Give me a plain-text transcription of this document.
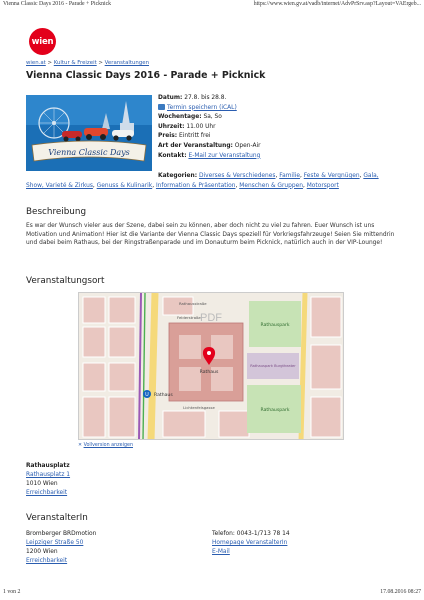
Vienna Classic Days 2016 - Parade + Picknick	https://www.wien.gv.at/vadb/internet/AdvPrSrv.asp?Layout=VAErgeb...
wien
wien.at > Kultur & Freizeit > Veranstaltungen
Vienna Classic Days 2016 - Parade + Picknick
Vienna Classic Days
Datum: 27.8. bis 28.8.
Termin speichern (iCAL)
Wochentage: Sa, So
Uhrzeit: 11.00 Uhr
Preis: Eintritt frei
Art der Veranstaltung: Open-Air
Kontakt: E-Mail zur Veranstaltung
Kategorien: Diverses & Verschiedenes, Familie, Feste & Vergnügen, Gala, Show, Varieté & Zirkus, Genuss & Kulinarik, Information & Präsentation, Menschen & Gruppen, Motorsport
Beschreibung

Es war der Wunsch vieler aus der Szene, dabei sein zu können, aber doch nicht zu viel zu fahren. Euer Wunsch ist uns Motivation und Animation! Hier ist die Variante der Vienna Classic Days speziell für Vorkriegsfahrzeuge! Seien Sie mittendrin und dabei beim Rathaus, bei der Ringstraßenparade und im Donauturm beim Picknick, natürlich auch in der VIP-Lounge!

Veranstaltungsort
U
PDF
Rathaus
Rathauspark
Rathauspark
Rathaus
Rathauspark Burgtheater
Lichtenfelsgasse
Rathausstraße
Felderstraße
✕ Vollversion anzeigen
Rathausplatz
Rathausplatz 1
1010 Wien
Erreichbarkeit
VeranstalterIn
Bromberger BRDmotion
Leipziger Straße 50
1200 Wien
Erreichbarkeit
Telefon: 0043-1/713 78 14
Homepage VeranstalterIn
E-Mail
1 von 2	17.08.2016 08:27
